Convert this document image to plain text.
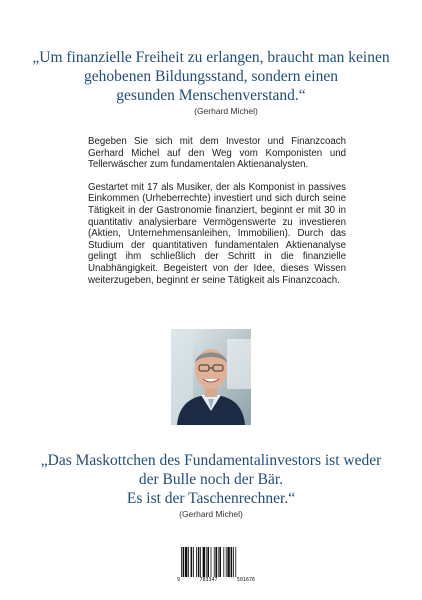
„Um finanzielle Freiheit zu erlangen, braucht man keinen
gehobenen Bildungsstand, sondern einen
gesunden Menschenverstand.“
(Gerhard Michel)

Begeben Sie sich mit dem Investor und Finanzcoach Gerhard Michel auf den Weg vom Komponisten und Tellerwäscher zum fundamentalen Aktienanalysten.

Gestartet mit 17 als Musiker, der als Komponist in passives Einkommen (Urheberrechte) investiert und sich durch seine Tätigkeit in der Gastronomie finanziert, beginnt er mit 30 in quantitativ analysierbare Vermögenswerte zu investieren (Aktien, Unternehmensanleihen, Immobilien). Durch das Studium der quantitativen fundamentalen Aktienanalyse gelingt ihm schließlich der Schritt in die finanzielle Unabhängigkeit. Begeistert von der Idee, dieses Wissen weiterzugeben, beginnt er seine Tätigkeit als Finanzcoach.

„Das Maskottchen des Fundamentalinvestors ist weder
der Bulle noch der Bär.
Es ist der Taschenrechner.“
(Gerhard Michel)
9	783347	501676
